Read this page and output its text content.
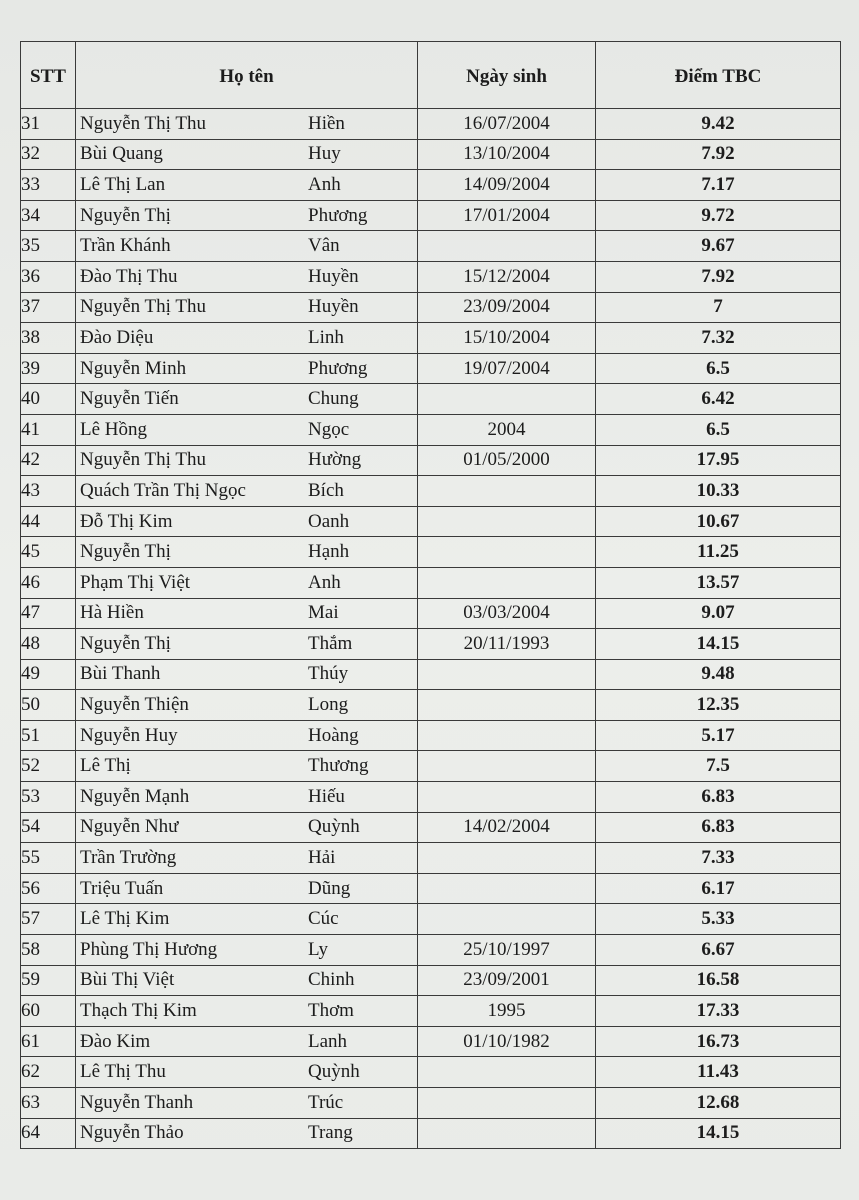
STT	Họ tên	Ngày sinh	Điểm TBC
31	Nguyễn Thị Thu Hiền	16/07/2004	9.42
32	Bùi Quang Huy	13/10/2004	7.92
33	Lê Thị Lan Anh	14/09/2004	7.17
34	Nguyễn Thị Phương	17/01/2004	9.72
35	Trần Khánh Vân		9.67
36	Đào Thị Thu Huyền	15/12/2004	7.92
37	Nguyễn Thị Thu Huyền	23/09/2004	7
38	Đào Diệu Linh	15/10/2004	7.32
39	Nguyễn Minh Phương	19/07/2004	6.5
40	Nguyễn Tiến Chung		6.42
41	Lê Hồng Ngọc	2004	6.5
42	Nguyễn Thị Thu Hường	01/05/2000	17.95
43	Quách Trần Thị Ngọc Bích		10.33
44	Đỗ Thị Kim Oanh		10.67
45	Nguyễn Thị Hạnh		11.25
46	Phạm Thị Việt Anh		13.57
47	Hà Hiền Mai	03/03/2004	9.07
48	Nguyễn Thị Thắm	20/11/1993	14.15
49	Bùi Thanh Thúy		9.48
50	Nguyễn Thiện Long		12.35
51	Nguyễn Huy Hoàng		5.17
52	Lê Thị Thương		7.5
53	Nguyễn Mạnh Hiếu		6.83
54	Nguyễn Như Quỳnh	14/02/2004	6.83
55	Trần Trường Hải		7.33
56	Triệu Tuấn Dũng		6.17
57	Lê Thị Kim Cúc		5.33
58	Phùng Thị Hương Ly	25/10/1997	6.67
59	Bùi Thị Việt Chinh	23/09/2001	16.58
60	Thạch Thị Kim Thơm	1995	17.33
61	Đào Kim Lanh	01/10/1982	16.73
62	Lê Thị Thu Quỳnh		11.43
63	Nguyễn Thanh Trúc		12.68
64	Nguyễn Thảo Trang		14.15
